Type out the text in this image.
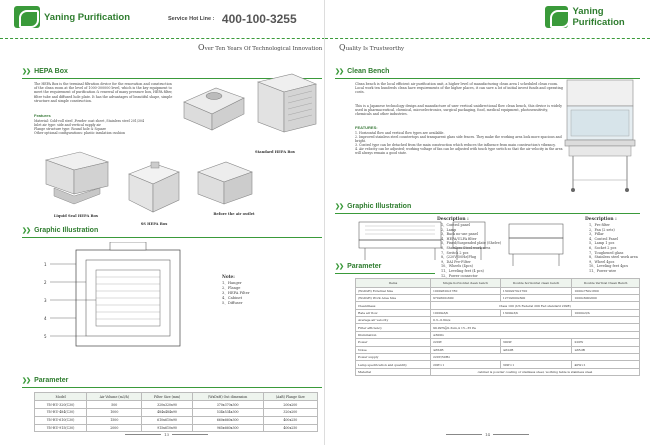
Yaning Purification	Service Hot Line : 400-100-3255
Over Ten Years Of Technological Innovation
❯❯ HEPA Box
The HEPA Box is the terminal filtration device for the renovation and construction of the clean room at the level of 1000-300000 level, which is the key equipment to meet the requirement of purification & renewal of many pressure box, HEPA filter, filter tube and diffused hole plate. It has the advantages of beautiful shape, simple structure and simple construction.
Features
Material: Cold-roll steel ,Powder coat sheet ,Stainless steel 201/304
Inlet air type: side and vertical supply air
Flange structure type: Round hole & Square
Other optional configurations: plastic insulation cushion
Standard HEPA Box
Liquid Seal HEPA Box
SS HEPA Box
Before the air outlet
❯❯ Graphic Illustration
1
2
3
4
5
Note:
1、Hanger
2、Flange
3、HEPA Filter
4、Cabinet
5、Diffuser
❯❯ Parameter
Model	Air Volume (m3/h)	Filter Size (mm)	(WxDxH) Out dimension	(AxB) Flange Size
YN-HU-320(C30)	500	320x320x90	370x370x300	200x200
YN-HU-484(C30)	1000	484x484x90	534x534x300	320x200
YN-HU-610(C30)	1500	610x610x90	660x660x300	400x250
YN-HU-915(C30)	2000	915x610x90	965x660x300	400x250
13
Yaning Purification
Quality Is Trustworthy
❯❯ Clean Bench
Clean bench is the local efficient air purification unit, a higher level of manufacturing clean area I scheduled clean room. Local work ten hundreds clean have requirements of the higher places, it can save a lot of initial invest funds and operating costs.
This is a Japanese technology design and manufacture of user vertical unidirectional flow clean bench, this device is widely used in pharmaceutical, chemical, microelectronics, surgical packaging, food, medical equipment, photosensitivity, chemicals and other industries.
FEATURES:
1. Horizontal flow and vertical flow types are available.
2. Improved stainless steel countertops and transparent glass side fences. They make the working area look more spacious and bright.
3. Control type can be detached from the main construction which reduces the influence from main construction's vibrancy.
4. Air velocity can be adjusted; working voltage of fan can be adjusted with touch type switch so that the air velocity in the area will always remain a good state.
❯❯ Graphic Illustration
Description :
1、Control panel
2、Lamp
3、Back no-use panel
4、HEPA/ULPA filter
5、Fixed/Suspended plate (Shelve)
6、Stainless Steel work area
7、Switch 2 pcs
8、(220V/50Hz)Plug
9、DAI Pre-Filter
10、Wheels (4pcs)
11、Leveling feet (4 pcs)
12、Power connector
Description :
1、Pre filter
2、Fan (2 sets)
3、Pillar
4、Control Panel
5、Lamp 1 pcs
6、Socket 2 pcs
7、Toughened glass
8、Stainless steel work area
9、Wheel 4pcs
10、Leveling feet 4pcs
11、Power wire
❯❯ Parameter
Items	Single horizontal clean bench	Double horizontal clean bench	Double Vertical Clean Bench
(WxDxH) External Size	1000x820x1780	1300x970x1700	1000x750x1800
(WxDxH) Work Area Size	970x600x600	1270x600x600	1000x600x600
Cleanliness	Class 100 (US Federal 209 Fed standard 209E)		
Rate air flow	1000m3/h	1300m3/h	1000m3/h
Average air velocity	0.3~0.6m/s		
Filter efficiency	99.99%@0.3um,Δ 15~35 Pa		
Illumination	≥300lx		
Power	220W	300W	220W
Noise	≤65dB	≤62dB	≤65dB
Power supply	220V/50Hz		
Lamp specification and quantity	20W×1	30W×1	40W×1
Material	cabinet is powder coating or stainless steel, working table is stainless steel		
14
